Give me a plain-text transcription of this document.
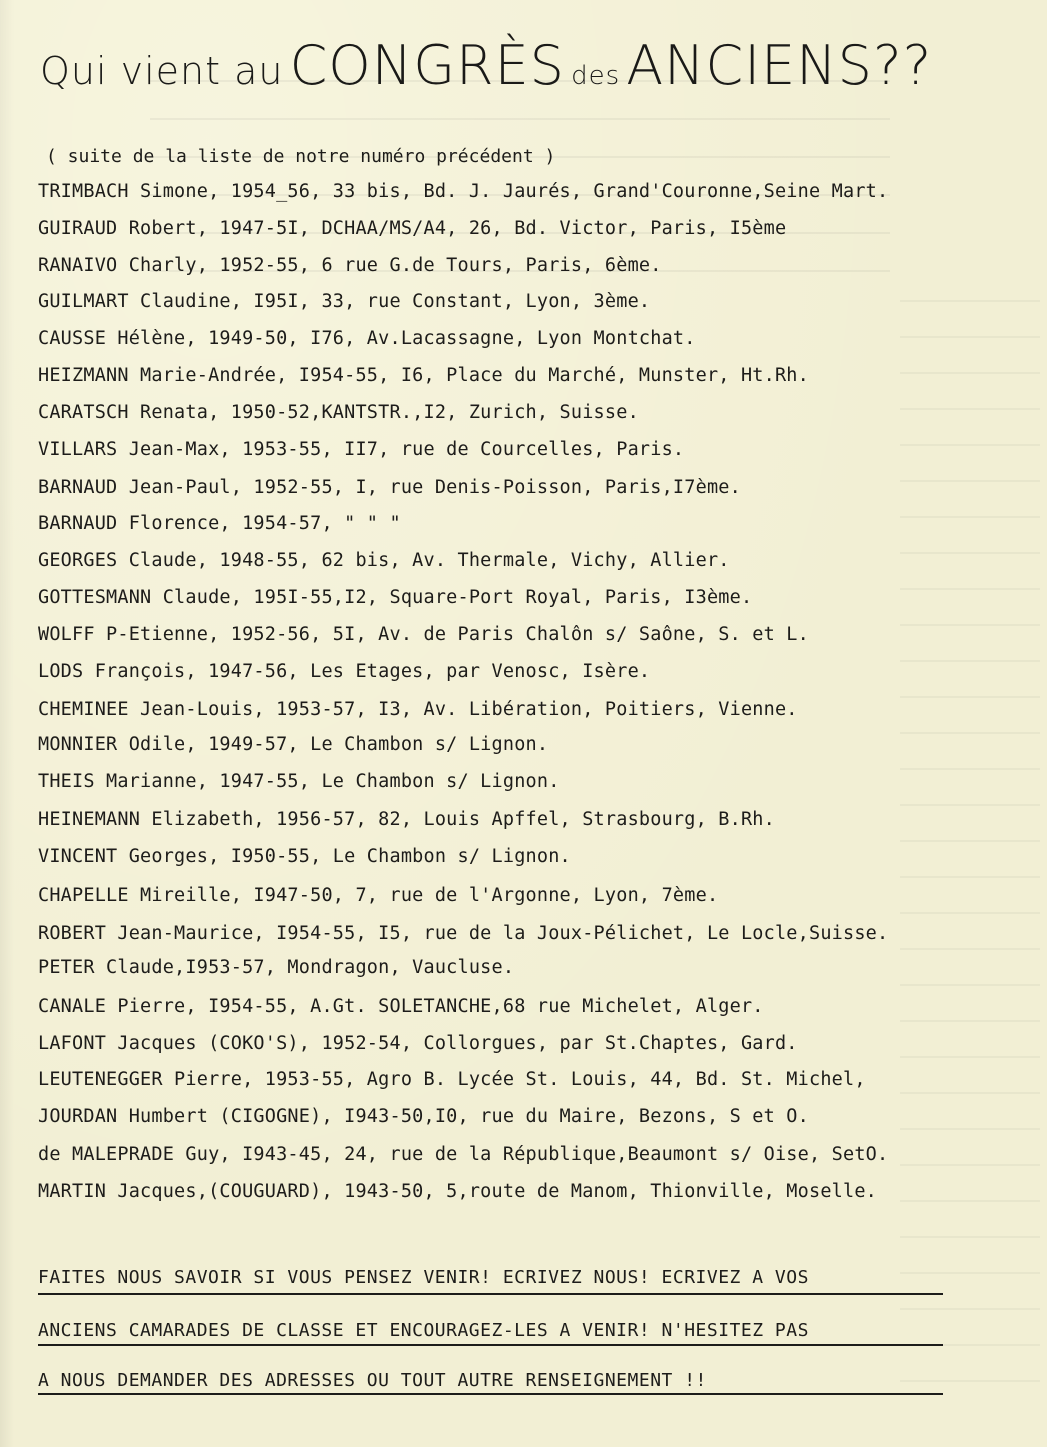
Qui vient au CONGRÈS des ANCIENS??
( suite de la liste de notre numéro précédent )
TRIMBACH Simone, 1954_56, 33 bis, Bd. J. Jaurés, Grand'Couronne,Seine Mart.
GUIRAUD Robert, 1947-5I, DCHAA/MS/A4, 26, Bd. Victor, Paris, I5ème
RANAIVO Charly, 1952-55, 6 rue G.de Tours, Paris, 6ème.
GUILMART Claudine, I95I, 33, rue Constant, Lyon, 3ème.
CAUSSE Hélène, 1949-50, I76, Av.Lacassagne, Lyon Montchat.
HEIZMANN Marie-Andrée, I954-55, I6, Place du Marché, Munster, Ht.Rh.
CARATSCH Renata, 1950-52,KANTSTR.,I2, Zurich, Suisse.
VILLARS Jean-Max, 1953-55, II7, rue de Courcelles, Paris.
BARNAUD Jean-Paul, 1952-55, I, rue Denis-Poisson, Paris,I7ème.
BARNAUD Florence, 1954-57, " " "
GEORGES Claude, 1948-55, 62 bis, Av. Thermale, Vichy, Allier.
GOTTESMANN Claude, 195I-55,I2, Square-Port Royal, Paris, I3ème.
WOLFF P-Etienne, 1952-56, 5I, Av. de Paris Chalôn s/ Saône, S. et L.
LODS François, 1947-56, Les Etages, par Venosc, Isère.
CHEMINEE Jean-Louis, 1953-57, I3, Av. Libération, Poitiers, Vienne.
MONNIER Odile, 1949-57, Le Chambon s/ Lignon.
THEIS Marianne, 1947-55, Le Chambon s/ Lignon.
HEINEMANN Elizabeth, 1956-57, 82, Louis Apffel, Strasbourg, B.Rh.
VINCENT Georges, I950-55, Le Chambon s/ Lignon.
CHAPELLE Mireille, I947-50, 7, rue de l'Argonne, Lyon, 7ème.
ROBERT Jean-Maurice, I954-55, I5, rue de la Joux-Pélichet, Le Locle,Suisse.
PETER Claude,I953-57, Mondragon, Vaucluse.
CANALE Pierre, I954-55, A.Gt. SOLETANCHE,68 rue Michelet, Alger.
LAFONT Jacques (COKO'S), 1952-54, Collorgues, par St.Chaptes, Gard.
LEUTENEGGER Pierre, 1953-55, Agro B. Lycée St. Louis, 44, Bd. St. Michel,
JOURDAN Humbert (CIGOGNE), I943-50,I0, rue du Maire, Bezons, S et O.
de MALEPRADE Guy, I943-45, 24, rue de la République,Beaumont s/ Oise, SetO.
MARTIN Jacques,(COUGUARD), 1943-50, 5,route de Manom, Thionville, Moselle.
FAITES NOUS SAVOIR SI VOUS PENSEZ VENIR! ECRIVEZ NOUS! ECRIVEZ A VOS
ANCIENS CAMARADES DE CLASSE ET ENCOURAGEZ-LES A VENIR! N'HESITEZ PAS
A NOUS DEMANDER DES ADRESSES OU TOUT AUTRE RENSEIGNEMENT !!
